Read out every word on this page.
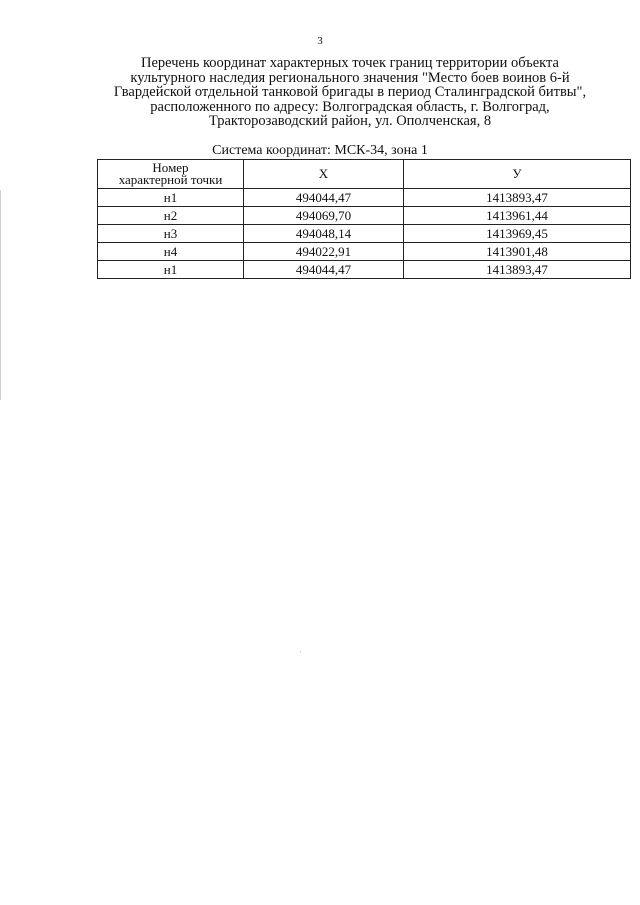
3
Перечень координат характерных точек границ территории объекта
культурного наследия регионального значения "Место боев воинов 6-й
Гвардейской отдельной танковой бригады в период Сталинградской битвы",
расположенного по адресу: Волгоградская область, г. Волгоград,
Тракторозаводский район, ул. Ополченская, 8
Система координат: МСК-34, зона 1
Номер
характерной точки	X	У
н1	494044,47	1413893,47
н2	494069,70	1413961,44
н3	494048,14	1413969,45
н4	494022,91	1413901,48
н1	494044,47	1413893,47
